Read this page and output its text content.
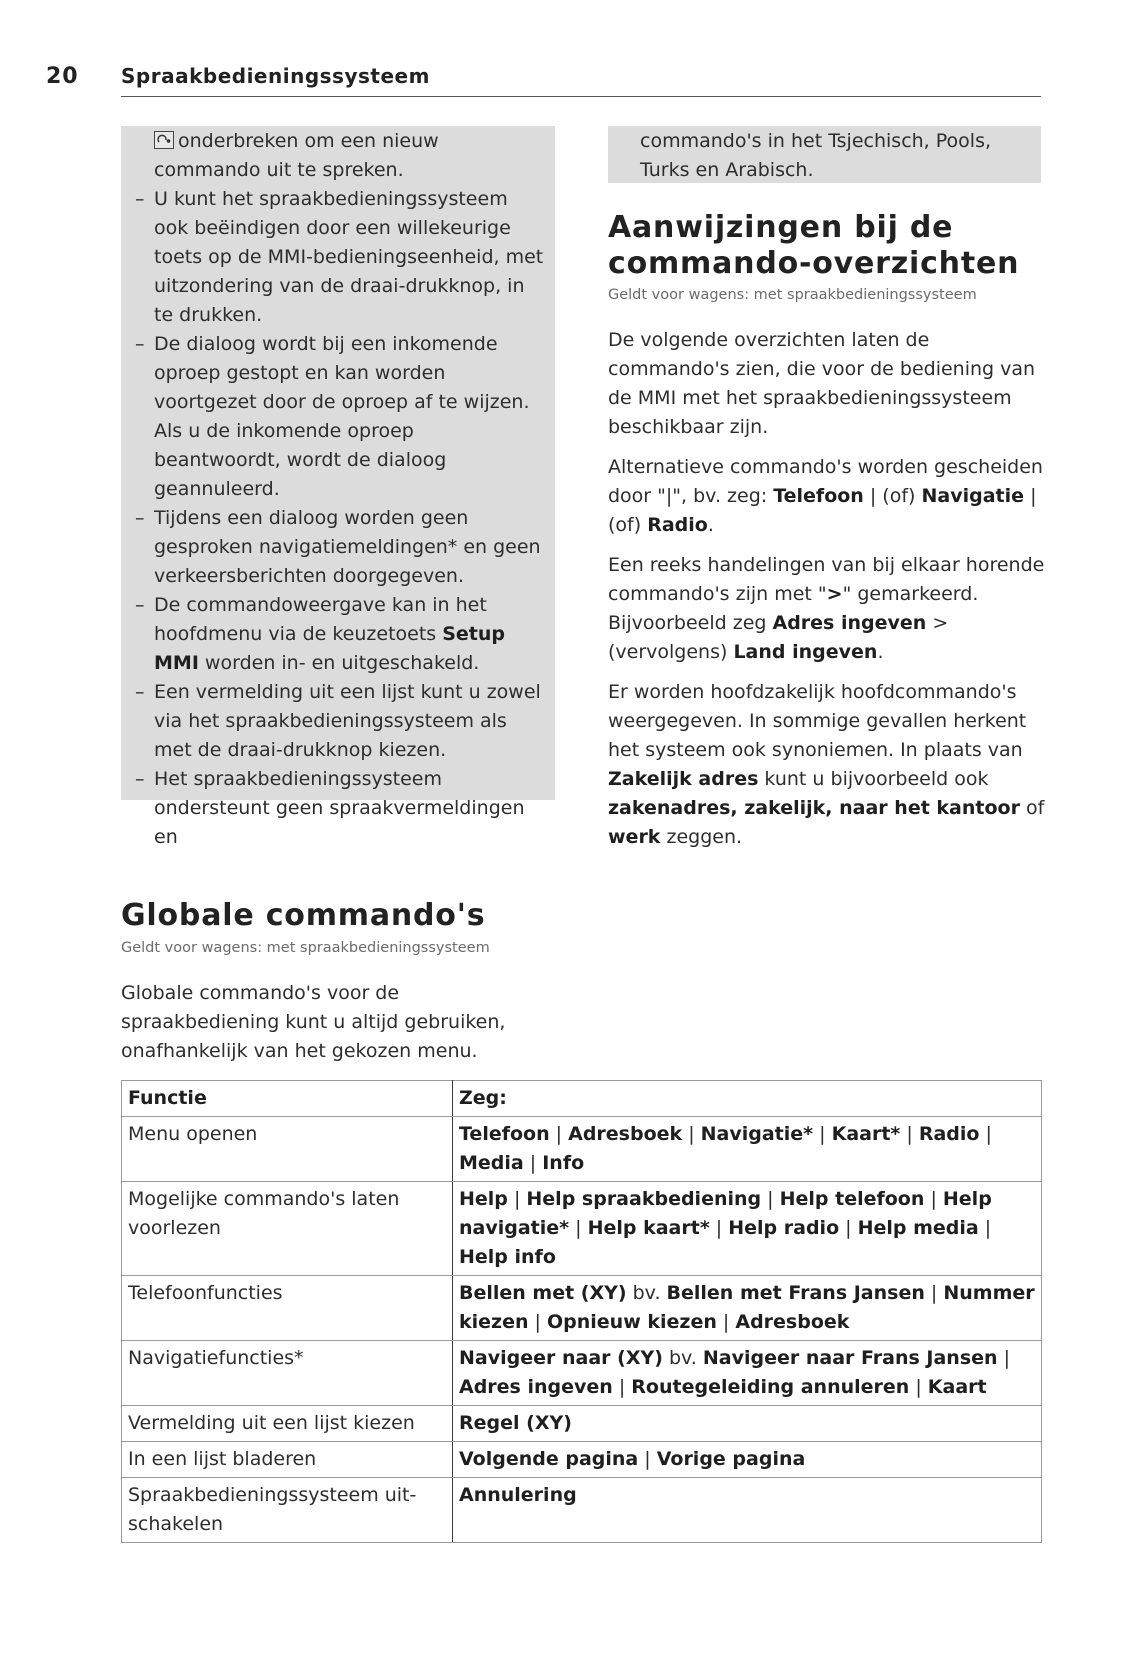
20 Spraakbedieningssysteem
onderbreken om een nieuw
commando uit te spreken.
– U kunt het spraakbedieningssysteem ook beëindigen door een willekeurige toets op de MMI-bedieningseenheid, met uitzondering van de draai-drukknop, in te drukken.
– De dialoog wordt bij een inkomende oproep gestopt en kan worden voortgezet door de oproep af te wijzen. Als u de inkomende oproep beantwoordt, wordt de dialoog geannuleerd.
– Tijdens een dialoog worden geen gesproken navigatiemeldingen* en geen verkeersberichten doorgegeven.
– De commandoweergave kan in het hoofdmenu via de keuzetoets Setup MMI worden in- en uitgeschakeld.
– Een vermelding uit een lijst kunt u zowel via het spraakbedieningssysteem als met de draai-drukknop kiezen.
– Het spraakbedieningssysteem ondersteunt geen spraakvermeldingen en
commando's in het Tsjechisch, Pools,
Turks en Arabisch.
Aanwijzingen bij de
commando-overzichten
Geldt voor wagens: met spraakbedieningssysteem

De volgende overzichten laten de commando's zien, die voor de bediening van de MMI met het spraakbedieningssysteem beschikbaar zijn.

Alternatieve commando's worden gescheiden door "|", bv. zeg: Telefoon | (of) Navigatie | (of) Radio.

Een reeks handelingen van bij elkaar horende commando's zijn met ">" gemarkeerd. Bijvoorbeeld zeg Adres ingeven > (vervolgens) Land ingeven.

Er worden hoofdzakelijk hoofdcommando's weergegeven. In sommige gevallen herkent het systeem ook synoniemen. In plaats van Zakelijk adres kunt u bijvoorbeeld ook zakenadres, zakelijk, naar het kantoor of werk zeggen.

Globale commando's
Geldt voor wagens: met spraakbedieningssysteem
Globale commando's voor de spraakbediening kunt u altijd gebruiken, onafhankelijk van het gekozen menu.
Functie	Zeg:
Menu openen	Telefoon | Adresboek | Navigatie* | Kaart* | Radio | Media | Info
Mogelijke commando's laten voorlezen	Help | Help spraakbediening | Help telefoon | Help navigatie* | Help kaart* | Help radio | Help media | Help info
Telefoonfuncties	Bellen met (XY) bv. Bellen met Frans Jansen | Nummer kiezen | Opnieuw kiezen | Adresboek
Navigatiefuncties*	Navigeer naar (XY) bv. Navigeer naar Frans Jansen | Adres ingeven | Routegeleiding annuleren | Kaart
Vermelding uit een lijst kiezen	Regel (XY)
In een lijst bladeren	Volgende pagina | Vorige pagina
Spraakbedieningssysteem uitschakelen	Annulering
